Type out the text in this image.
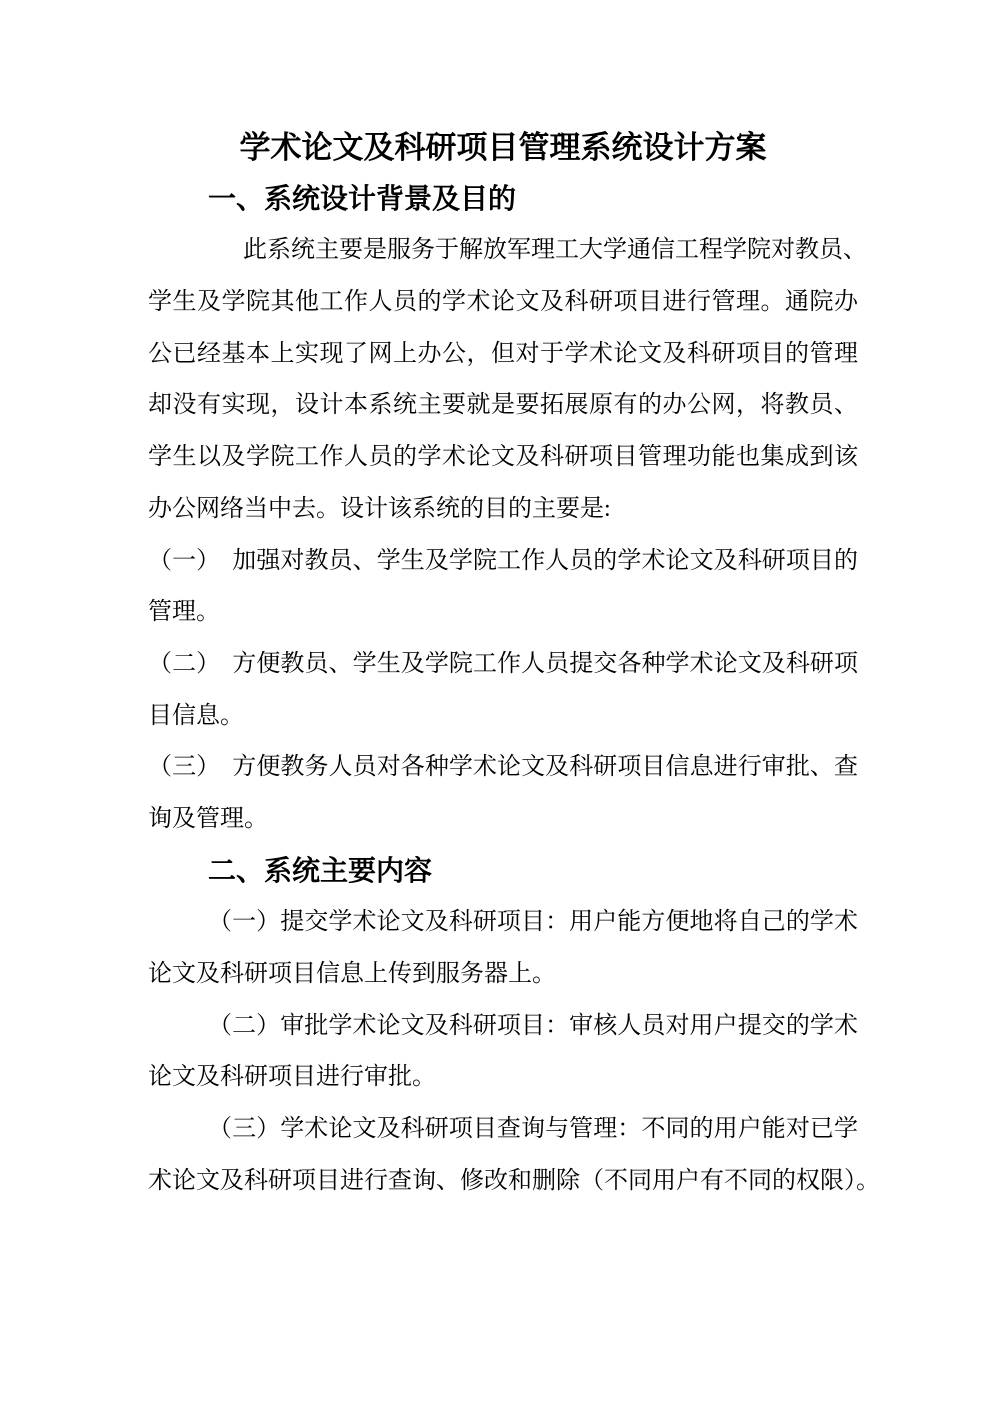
学术论文及科研项目管理系统设计方案
一、系统设计背景及目的
此系统主要是服务于解放军理工大学通信工程学院对教员、
学生及学院其他工作人员的学术论文及科研项目进行管理。通院办
公已经基本上实现了网上办公，但对于学术论文及科研项目的管理
却没有实现，设计本系统主要就是要拓展原有的办公网，将教员、
学生以及学院工作人员的学术论文及科研项目管理功能也集成到该
办公网络当中去。设计该系统的目的主要是:
（一）　加强对教员、学生及学院工作人员的学术论文及科研项目的
管理。
（二）　方便教员、学生及学院工作人员提交各种学术论文及科研项
目信息。
（三）　方便教务人员对各种学术论文及科研项目信息进行审批、查
询及管理。
二、系统主要内容
（一）提交学术论文及科研项目：用户能方便地将自己的学术
论文及科研项目信息上传到服务器上。
（二）审批学术论文及科研项目：审核人员对用户提交的学术
论文及科研项目进行审批。
（三）学术论文及科研项目查询与管理：不同的用户能对已学
术论文及科研项目进行查询、修改和删除（不同用户有不同的权限）。
